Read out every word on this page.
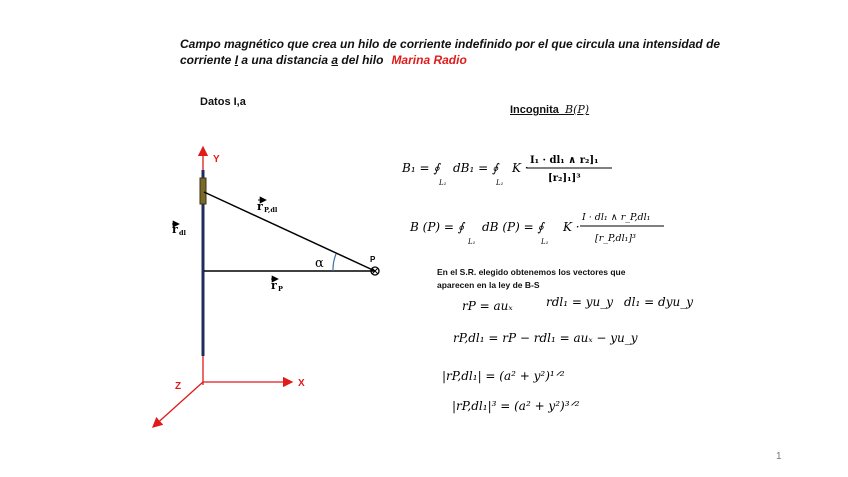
Campo magnético que crea un hilo de corriente indefinido por el que circula una intensidad de
corriente I a una distancia a del hilo Marina Radio
Datos I,a
Incognita B(P)
Y
X
Z
P
α
r P,dl
r dl
r P
B₁ = ∮
L₁
dB₁ = ∮
L₁
K ·
I₁ · dl₁ ∧ r₂]₁
[r₂]₁]³
B (P) = ∮
L₁
dB (P) = ∮
L₁
K ·
I · dl₁ ∧ r_P,dl₁
[r_P,dl₁]³
rP = auₓ	rdl₁ = yu_y dl₁ = dyu_y
rP,dl₁ = rP − rdl₁ = auₓ − yu_y
|rP,dl₁| = (a² + y²)¹ᐟ²
|rP,dl₁|³ = (a² + y²)³ᐟ²
En el S.R. elegido obtenemos los vectores que
aparecen en la ley de B-S
1
